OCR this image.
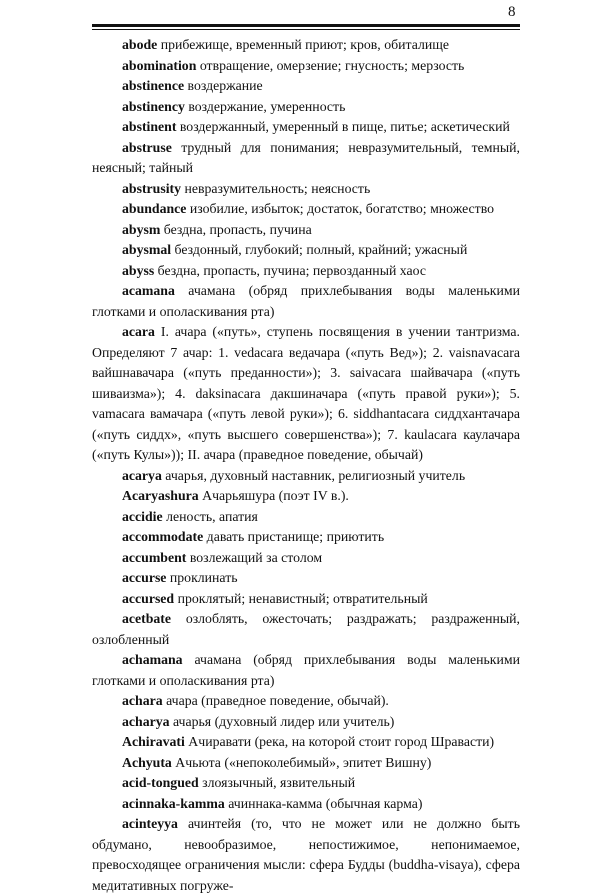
8

abode прибежище, временный приют; кров, обиталище

abomination отвращение, омерзение; гнусность; мерзость

abstinence воздержание

abstinency воздержание, умеренность

abstinent воздержанный, умеренный в пище, питье; аскетический

abstruse трудный для понимания; невразумительный, темный, неясный; тайный

abstrusity невразумительность; неясность

abundance изобилие, избыток; достаток, богатство; множество

abysm бездна, пропасть, пучина

abysmal бездонный, глубокий; полный, крайний; ужасный

abyss бездна, пропасть, пучина; первозданный хаос

acamana ачамана (обряд прихлебывания воды маленькими глотками и ополаскивания рта)

acara I. ачара («путь», ступень посвящения в учении тантризма. Определяют 7 ачар: 1. vedacara ведачара («путь Вед»); 2. vaisnavacara вайшнавачара («путь преданности»); 3. saivacara шайвачара («путь шиваизма»); 4. daksinacara дакшиначара («путь правой руки»); 5. vamacara вамачара («путь левой руки»); 6. siddhantacara сиддхантачара («путь сиддх», «путь высшего совершенства»); 7. kaulacara каулачара («путь Кулы»)); II. ачара (праведное поведение, обычай)

acarya ачарья, духовный наставник, религиозный учитель

Acaryashura Ачарьяшура (поэт IV в.).

accidie леность, апатия

accommodate давать пристанище; приютить

accumbent возлежащий за столом

accurse проклинать

accursed проклятый; ненавистный; отвратительный

acetbate озлоблять, ожесточать; раздражать; раздраженный, озлобленный

achamana ачамана (обряд прихлебывания воды маленькими глотками и ополаскивания рта)

achara ачара (праведное поведение, обычай).

acharya ачарья (духовный лидер или учитель)

Achiravati Ачиравати (река, на которой стоит город Шравасти)

Achyuta Ачьюта («непоколебимый», эпитет Вишну)

acid-tongued злоязычный, язвительный

acinnaka-kamma ачиннака-камма (обычная карма)

acinteyya ачинтейя (то, что не может или не должно быть обдумано, невообразимое, непостижимое, непонимаемое, превосходящее ограничения мысли: сфера Будды (buddha-visaya), сфера медитативных погруже-
